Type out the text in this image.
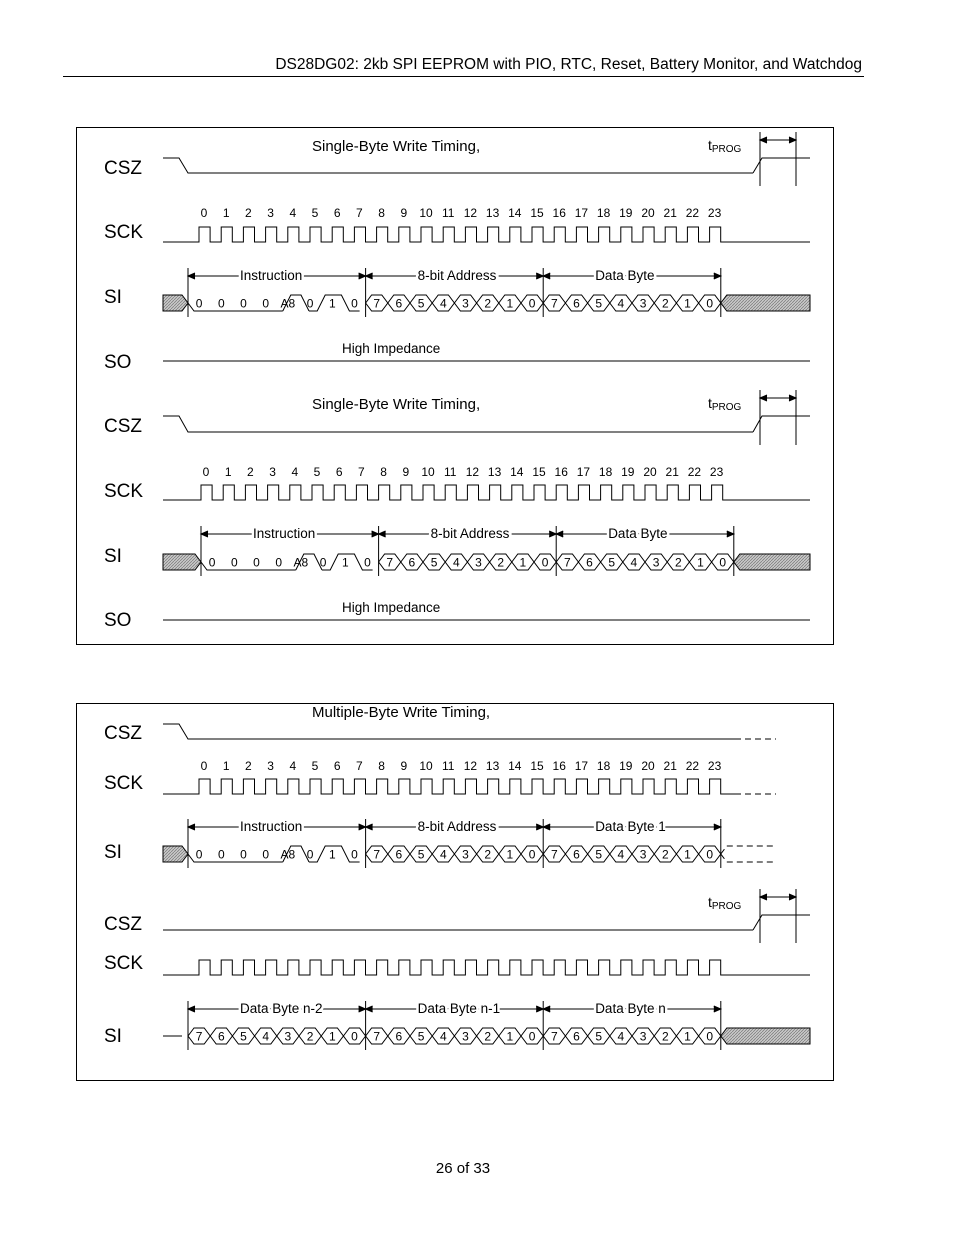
DS28DG02: 2kb SPI EEPROM with PIO, RTC, Reset, Battery Monitor, and Watchdog
CSZ
tPROG
Single-Byte Write Timing,
SCK
0 1 2 3 4 5 6 7 8 9 10 11 12 13 14 15 16 17 18 19 20 21 22 23
SI	0 0 0 0 A8 0 1 0 7 6 5 4 3 2 1 0 7 6 5 4 3 2 1 0
Instruction	8-bit Address	Data Byte
SO
High Impedance
CSZ
tPROG
Single-Byte Write Timing,
SCK
0 1 2 3 4 5 6 7 8 9 10 11 12 13 14 15 16 17 18 19 20 21 22 23
SI	0 0 0 0 A8 0 1 0 7 6 5 4 3 2 1 0 7 6 5 4 3 2 1 0
Instruction	8-bit Address	Data Byte
SO
High Impedance
CSZ
Multiple-Byte Write Timing,
SCK
0 1 2 3 4 5 6 7 8 9 10 11 12 13 14 15 16 17 18 19 20 21 22 23
SI	0 0 0 0 A8 0 1 0 7 6 5 4 3 2 1 0 7 6 5 4 3 2 1 0
Instruction	8-bit Address	Data Byte 1
CSZ
tPROG
SCK
SI	7 6 5 4 3 2 1 0 7 6 5 4 3 2 1 0 7 6 5 4 3 2 1 0
Data Byte n-2	Data Byte n-1	Data Byte n
26 of 33
